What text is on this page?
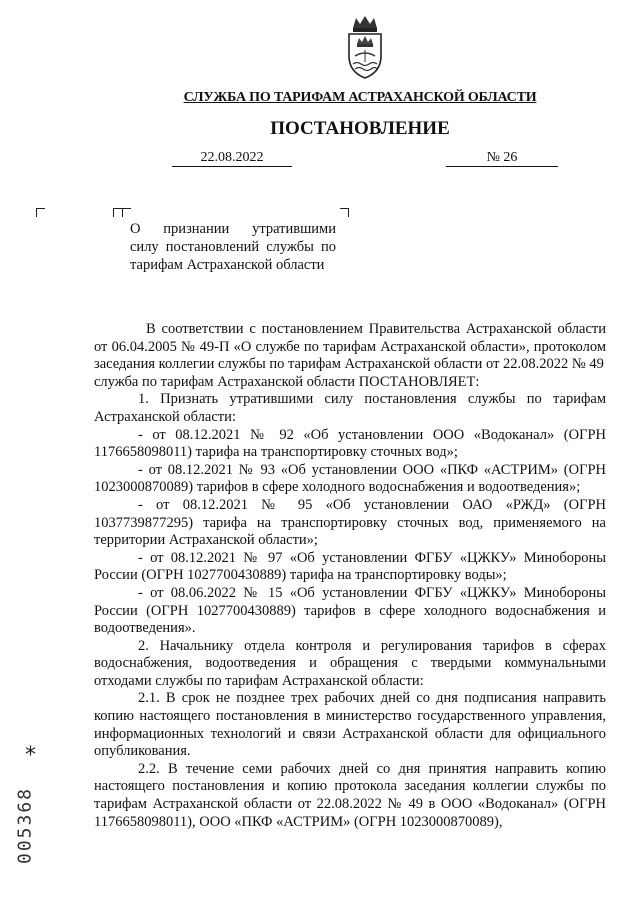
СЛУЖБА ПО ТАРИФАМ АСТРАХАНСКОЙ ОБЛАСТИ
ПОСТАНОВЛЕНИЕ
22.08.2022	№ 26
О признании утратившими
силу постановлений службы по тарифам Астраханской области

В соответствии с постановлением Правительства Астраханской области от 06.04.2005 № 49-П «О службе по тарифам Астраханской области», протоколом заседания коллегии службы по тарифам Астраханской области от 22.08.2022 № 49

служба по тарифам Астраханской области ПОСТАНОВЛЯЕТ:

1. Признать утратившими силу постановления службы по тарифам Астраханской области:

- от 08.12.2021 № 92 «Об установлении ООО «Водоканал» (ОГРН 1176658098011) тарифа на транспортировку сточных вод»;

- от 08.12.2021 № 93 «Об установлении ООО «ПКФ «АСТРИМ» (ОГРН 1023000870089) тарифов в сфере холодного водоснабжения и водоотведения»;

- от 08.12.2021 № 95 «Об установлении ОАО «РЖД» (ОГРН 1037739877295) тарифа на транспортировку сточных вод, применяемого на территории Астраханской области»;

- от 08.12.2021 № 97 «Об установлении ФГБУ «ЦЖКУ» Минобороны России (ОГРН 1027700430889) тарифа на транспортировку воды»;

- от 08.06.2022 № 15 «Об установлении ФГБУ «ЦЖКУ» Минобороны России (ОГРН 1027700430889) тарифов в сфере холодного водоснабжения и водоотведения».

2. Начальнику отдела контроля и регулирования тарифов в сферах водоснабжения, водоотведения и обращения с твердыми коммунальными отходами службы по тарифам Астраханской области:

2.1. В срок не позднее трех рабочих дней со дня подписания направить копию настоящего постановления в министерство государственного управления, информационных технологий и связи Астраханской области для официального опубликования.

2.2. В течение семи рабочих дней со дня принятия направить копию настоящего постановления и копию протокола заседания коллегии службы по тарифам Астраханской области от 22.08.2022 № 49 в ООО «Водоканал» (ОГРН 1176658098011), ООО «ПКФ «АСТРИМ» (ОГРН 1023000870089),

*
005368
